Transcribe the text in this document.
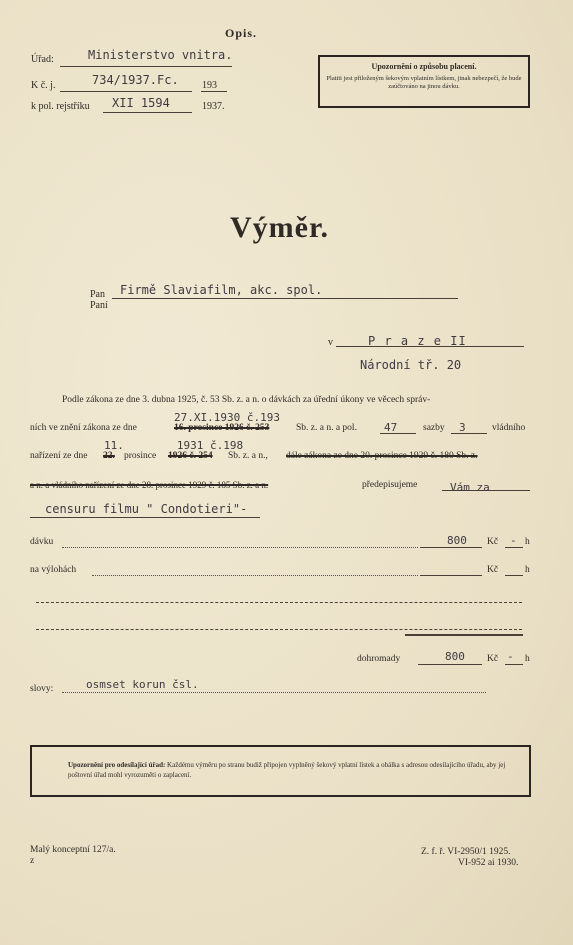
Opis.
Úřad:	Ministerstvo vnitra.
K č. j.	734/1937.Fc. 193
k pol. rejstříku XII 1594	1937.
Upozornění o způsobu placení.
Platiti jest přiloženým šekovým vplatním lístkem, jinak nebezpečí, že bude zaúčtováno na jinou dávku.
Výměr.
Pan
Paní
Firmě Slaviafilm, akc. spol.
v	P r a z e II
Národní tř. 20
Podle zákona ze dne 3. dubna 1925, č. 53 Sb. z. a n. o dávkách za úřední úkony ve věcech správ-
27.XI.1930 č.193
ních ve znění zákona ze dne	16. prosince 1926 č. 253	Sb. z. a n. a pol. 47	sazby 3	vládního
11.        1931 č.198
nařízení ze dne 22. prosince 1926 č. 254 Sb. z. a n., dále zákona ze dne 20. prosince 1929 č. 180 Sb. z.
a n. a vládního nařízení ze dne 28. prosince 1929 č. 185 Sb. z. a n.	předepisujeme	Vám za
censuru filmu " Condotieri"-
dávku	800 Kč - h
na výlohách	Kč	h
dohromady	800 Kč - h
slovy:	osmset korun čsl.
Upozornění pro odesílající úřad: Každému výměru po stranu budiž připojen vyplněný šekový vplatní lístek a obálka s adresou odesílajícího úřadu, aby jej poštovní úřad mohl vyrozuměti o zaplacení.
Malý konceptní 127/a.
z
Z. f. ř. VI-2950/1 1925.
VI-952 ai 1930.
